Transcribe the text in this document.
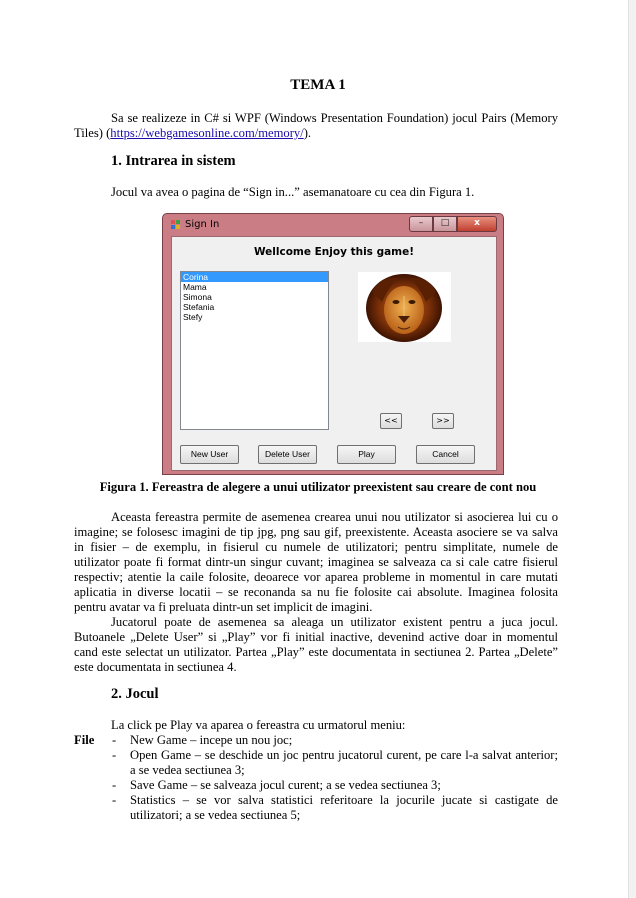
TEMA 1

Sa se realizeze in C# si WPF (Windows Presentation Foundation) jocul Pairs (Memory Tiles) (https://webgamesonline.com/memory/).

1. Intrarea in sistem

Jocul va avea o pagina de “Sign in...” asemanatoare cu cea din Figura 1.

Sign In	–	□	x
Wellcome Enjoy this game!
Corina
Mama
Simona
Stefania
Stefy
<<	>>
New User	Delete User	Play	Cancel
Figura 1. Fereastra de alegere a unui utilizator preexistent sau creare de cont nou

Aceasta fereastra permite de asemenea crearea unui nou utilizator si asocierea lui cu o imagine; se folosesc imagini de tip jpg, png sau gif, preexistente. Aceasta asociere se va salva in fisier – de exemplu, in fisierul cu numele de utilizatori; pentru simplitate, numele de utilizator poate fi format dintr-un singur cuvant; imaginea se salveaza ca si cale catre fisierul respectiv; atentie la caile folosite, deoarece vor aparea probleme in momentul in care mutati aplicatia in diverse locatii – se reconanda sa nu fie folosite cai absolute. Imaginea folosita pentru avatar va fi preluata dintr-un set implicit de imagini.

Jucatorul poate de asemenea sa aleaga un utilizator existent pentru a juca jocul. Butoanele „Delete User” si „Play” vor fi initial inactive, devenind active doar in momentul cand este selectat un utilizator. Partea „Play” este documentata in sectiunea 2. Partea „Delete” este documentata in sectiunea 4.

2. Jocul
La click pe Play va aparea o fereastra cu urmatorul meniu:
File - New Game – incepe un nou joc;
- Open Game – se deschide un joc pentru jucatorul curent, pe care l-a salvat anterior; a se vedea sectiunea 3;
- Save Game – se salveaza jocul curent; a se vedea sectiunea 3;
- Statistics – se vor salva statistici referitoare la jocurile jucate si castigate de utilizatori; a se vedea sectiunea 5;
